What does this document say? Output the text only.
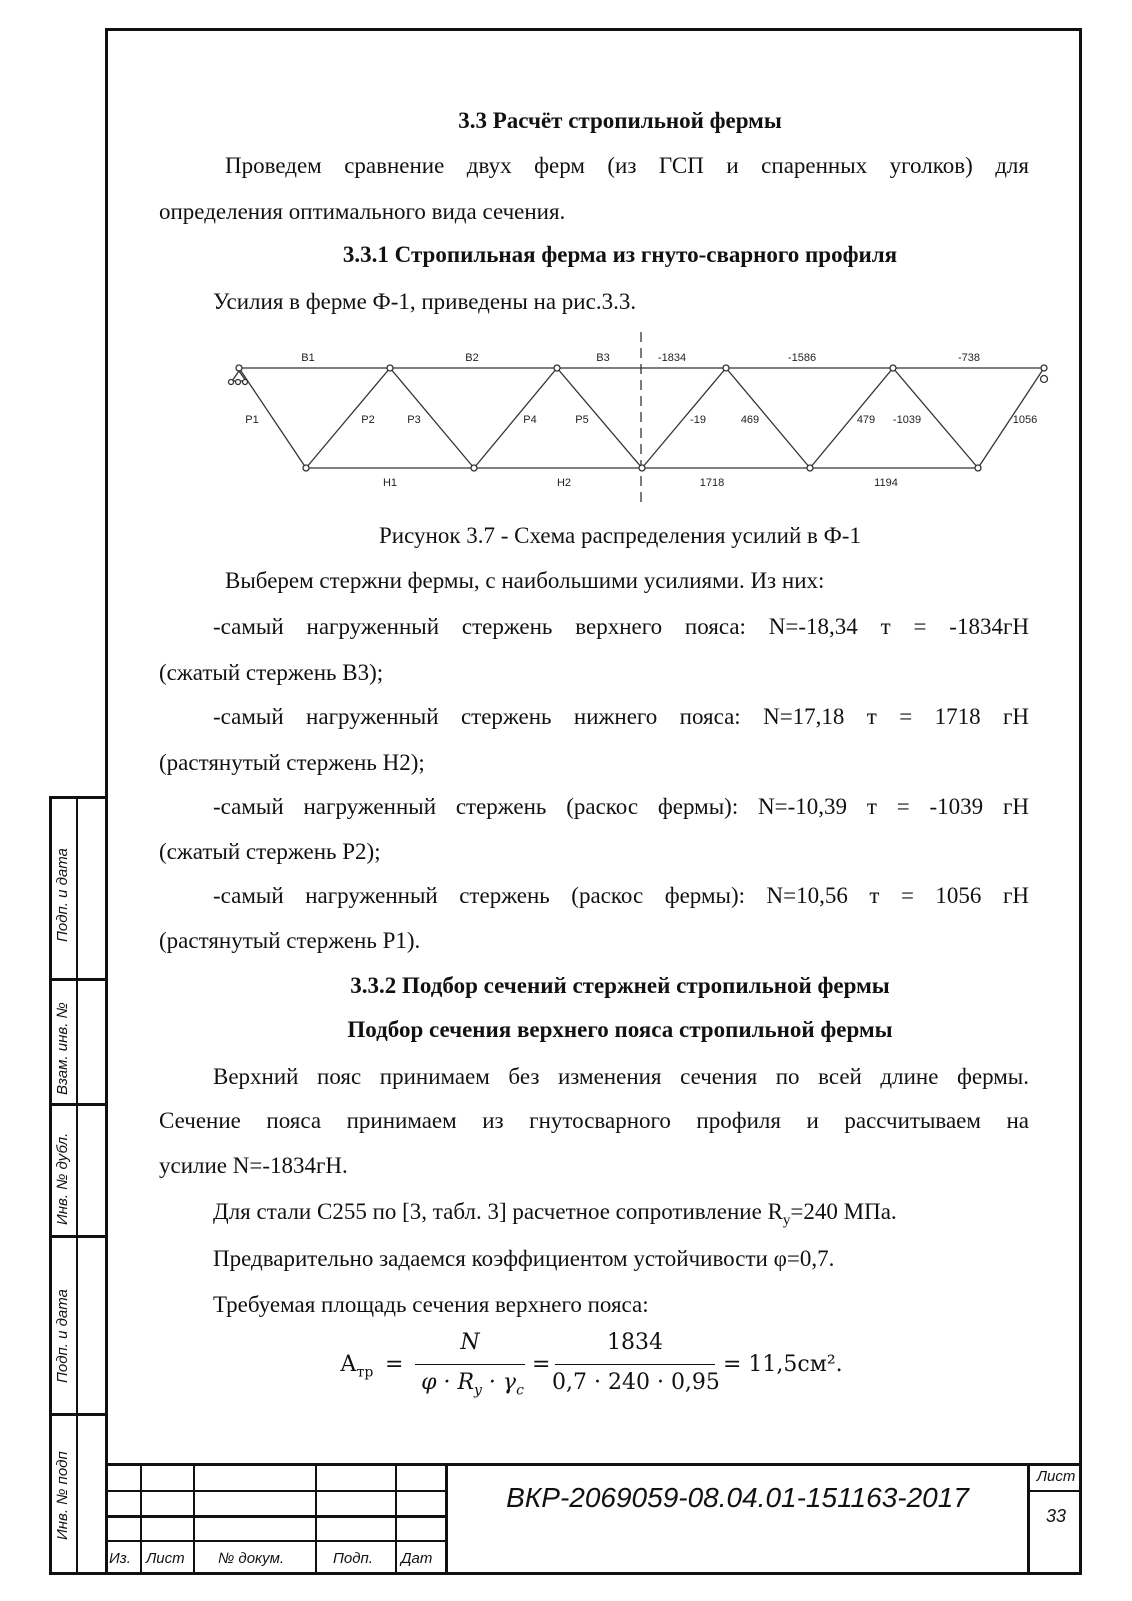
Подп. и дата
Взам. инв. №
Инв. № дубл.
Подп. и дата
Инв. № подп
3.3 Расчёт стропильной фермы
Проведем сравнение двух ферм (из ГСП и спаренных уголков) для
определения оптимального вида сечения.
3.3.1 Стропильная ферма из гнуто-сварного профиля
Усилия в ферме Ф-1, приведены на рис.3.3.
В1	В2	В3	-1834	-1586	-738
Р1	Р2	Р3	Р4	Р5	-19	469	479 -1039	1056
Н1	Н2	1718	1194
Рисунок 3.7 - Схема распределения усилий в Ф-1
Выберем стержни фермы, с наибольшими усилиями. Из них:
-самый нагруженный стержень верхнего пояса: N=-18,34 т = -1834гН
(сжатый стержень В3);
-самый нагруженный стержень нижнего пояса: N=17,18 т = 1718 гН
(растянутый стержень Н2);
-самый нагруженный стержень (раскос фермы): N=-10,39 т = -1039 гН
(сжатый стержень Р2);
-самый нагруженный стержень (раскос фермы): N=10,56 т = 1056 гН
(растянутый стержень Р1).
3.3.2 Подбор сечений стержней стропильной фермы
Подбор сечения верхнего пояса стропильной фермы
Верхний пояс принимаем без изменения сечения по всей длине фермы.
Сечение пояса принимаем из гнутосварного профиля и рассчитываем на
усилие N=-1834гН.
Для стали С255 по [3, табл. 3] расчетное сопротивление $R_y=240$ МПа.
Предварительно задаемся коэффициентом устойчивости φ=0,7.
Требуемая площадь сечения верхнего пояса:
$А_{тр}$ =
N
$\varphi \cdot R_y \cdot \gamma_c$
=
1834
0,7 · 240 · 0,95
= 11,5см².
Из. Лист № докум.	Подп. Дат
ВКР-2069059-08.04.01-151163-2017
Лист
33
